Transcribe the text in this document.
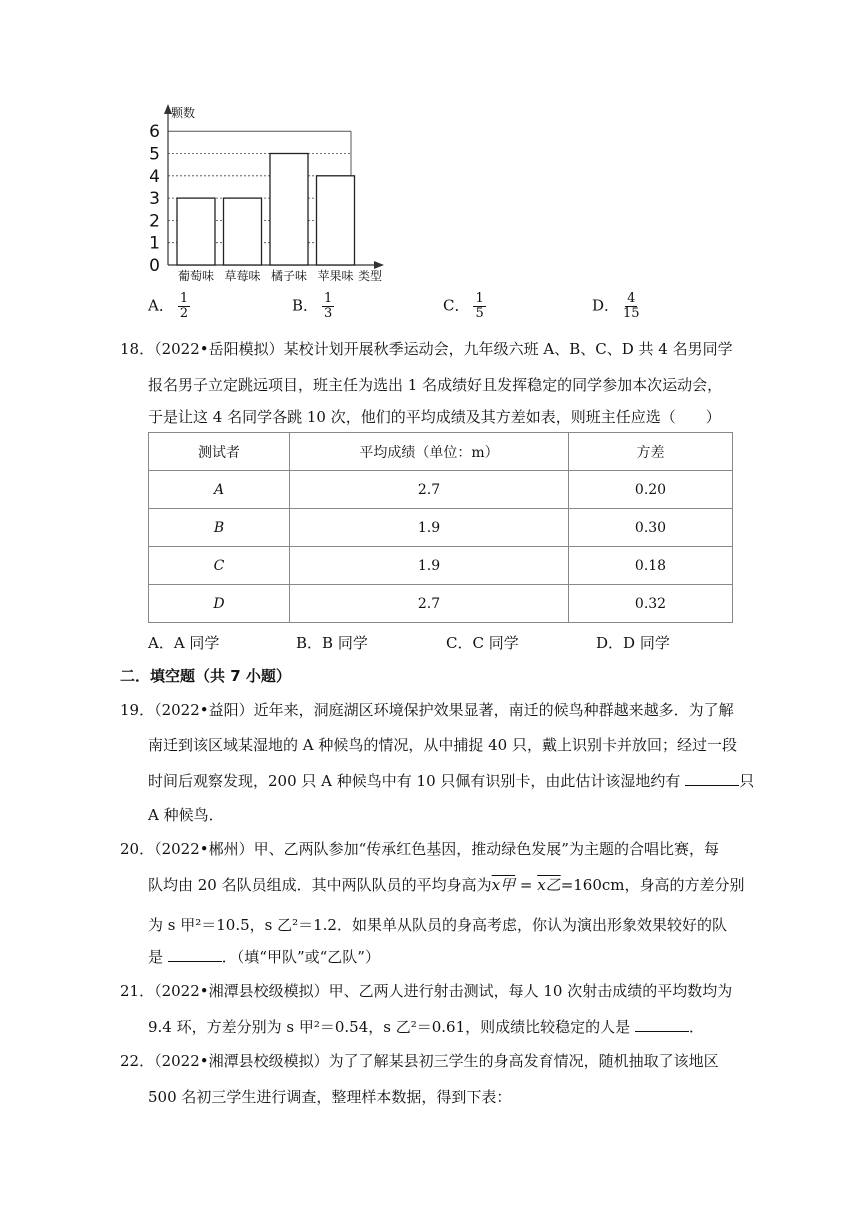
0
1
2
3
4
5
6
颗数
类型
葡萄味 草莓味 橘子味 苹果味
A． $\frac{1}{2}$	B． $\frac{1}{3}$	C． $\frac{1}{5}$	D． $\frac{4}{15}$
18．（2022•岳阳模拟）某校计划开展秋季运动会，九年级六班 A、B、C、D 共 4 名男同学
报名男子立定跳远项目，班主任为选出 1 名成绩好且发挥稳定的同学参加本次运动会，
于是让这 4 名同学各跳 10 次，他们的平均成绩及其方差如表，则班主任应选（　　）
测试者	平均成绩（单位：m）	方差
A	2.7	0.20
B	1.9	0.30
C	1.9	0.18
D	2.7	0.32
A．A 同学	B．B 同学	C．C 同学	D．D 同学
二．填空题（共 7 小题）
19．（2022•益阳）近年来，洞庭湖区环境保护效果显著，南迁的候鸟种群越来越多．为了解
南迁到该区域某湿地的 A 种候鸟的情况，从中捕捉 40 只，戴上识别卡并放回；经过一段
时间后观察发现，200 只 A 种候鸟中有 10 只佩有识别卡，由此估计该湿地约有	只
A 种候鸟．
20．（2022•郴州）甲、乙两队参加“传承红色基因，推动绿色发展”为主题的合唱比赛，每
队均由 20 名队员组成．其中两队队员的平均身高为x甲 = x乙=160cm，身高的方差分别
为 s 甲²＝10.5，s 乙²＝1.2．如果单从队员的身高考虑，你认为演出形象效果较好的队
是	．（填“甲队”或“乙队”）
21．（2022•湘潭县校级模拟）甲、乙两人进行射击测试，每人 10 次射击成绩的平均数均为
9.4 环，方差分别为 s 甲²＝0.54，s 乙²＝0.61，则成绩比较稳定的人是	．
22．（2022•湘潭县校级模拟）为了了解某县初三学生的身高发育情况，随机抽取了该地区
500 名初三学生进行调查，整理样本数据，得到下表：
